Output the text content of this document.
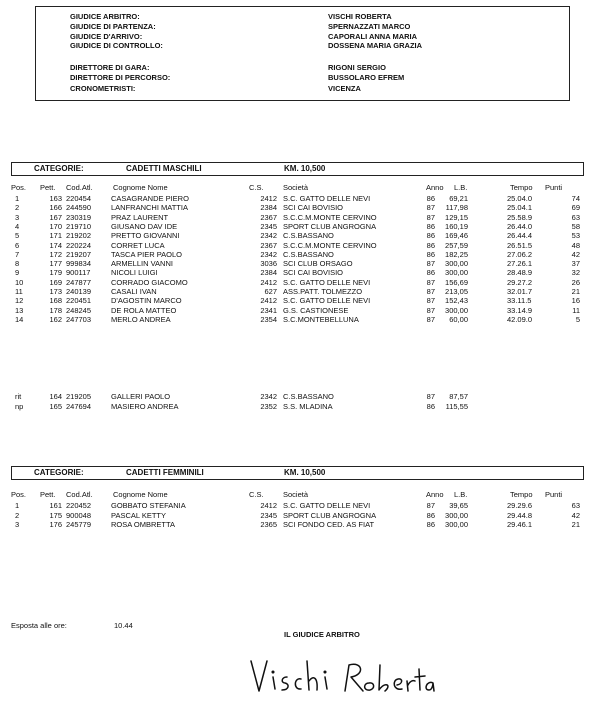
GIUDICE ARBITRO:	VISCHI ROBERTA
GIUDICE DI PARTENZA:	SPERNAZZATI MARCO
GIUDICE D'ARRIVO:	CAPORALI ANNA MARIA
GIUDICE DI CONTROLLO:	DOSSENA MARIA GRAZIA
DIRETTORE DI GARA:	RIGONI SERGIO
DIRETTORE DI PERCORSO:	BUSSOLARO EFREM
CRONOMETRISTI:	VICENZA
CATEGORIE:	CADETTI MASCHILI	KM. 10,500
Pos. Pett. Cod.Atl.	Cognome Nome	C.S.	Società	Anno L.B.	Tempo Punti
1	163 220454	CASAGRANDE PIERO	2412 S.C. GATTO DELLE NEVI	86	69,21	25.04.0	74
2	166 244590	LANFRANCHI MATTIA	2384 SCI CAI BOVISIO	87	117,98	25.04.1	69
3	167 230319	PRAZ LAURENT	2367 S.C.C.M.MONTE CERVINO	87	129,15	25.58.9	63
4	170 219710	GIUSANO DAV IDE	2345 SPORT CLUB ANGROGNA	86	160,19	26.44.0	58
5	171 219202	PRETTO GIOVANNI	2342 C.S.BASSANO	86	169,46	26.44.4	53
6	174 220224	CORRET LUCA	2367 S.C.C.M.MONTE CERVINO	86	257,59	26.51.5	48
7	172 219207	TASCA PIER PAOLO	2342 C.S.BASSANO	86	182,25	27.06.2	42
8	177 999834	ARMELLIN VANNI	3036 SCI CLUB ORSAGO	87	300,00	27.26.1	37
9	179 900117	NICOLI LUIGI	2384 SCI CAI BOVISIO	86	300,00	28.48.9	32
10	169 247877	CORRADO GIACOMO	2412 S.C. GATTO DELLE NEVI	87	156,69	29.27.2	26
11	173 240139	CASALI IVAN	627 ASS.PATT. TOLMEZZO	87	213,05	32.01.7	21
12	168 220451	D'AGOSTIN MARCO	2412 S.C. GATTO DELLE NEVI	87	152,43	33.11.5	16
13	178 248245	DE ROLA MATTEO	2341 G.S. CASTIONESE	87	300,00	33.14.9	11
14	162 247703	MERLO ANDREA	2354 S.C.MONTEBELLUNA	87	60,00	42.09.0	5
rit	164 219205	GALLERI PAOLO	2342 C.S.BASSANO	87	87,57
np	165 247694	MASIERO ANDREA	2352 S.S. MLADINA	86	115,55
CATEGORIE:	CADETTI FEMMINILI	KM. 10,500
Pos. Pett. Cod.Atl.	Cognome Nome	C.S.	Società	Anno L.B.	Tempo Punti
1	161 220452	GOBBATO STEFANIA	2412 S.C. GATTO DELLE NEVI	87	39,65	29.29.6	63
2	175 900048	PASCAL KETTY	2345 SPORT CLUB ANGROGNA	86	300,00	29.44.8	42
3	176 245779	ROSA OMBRETTA	2365 SCI FONDO CED. AS FIAT	86	300,00	29.46.1	21
Esposta alle ore:	10.44
IL GIUDICE ARBITRO
